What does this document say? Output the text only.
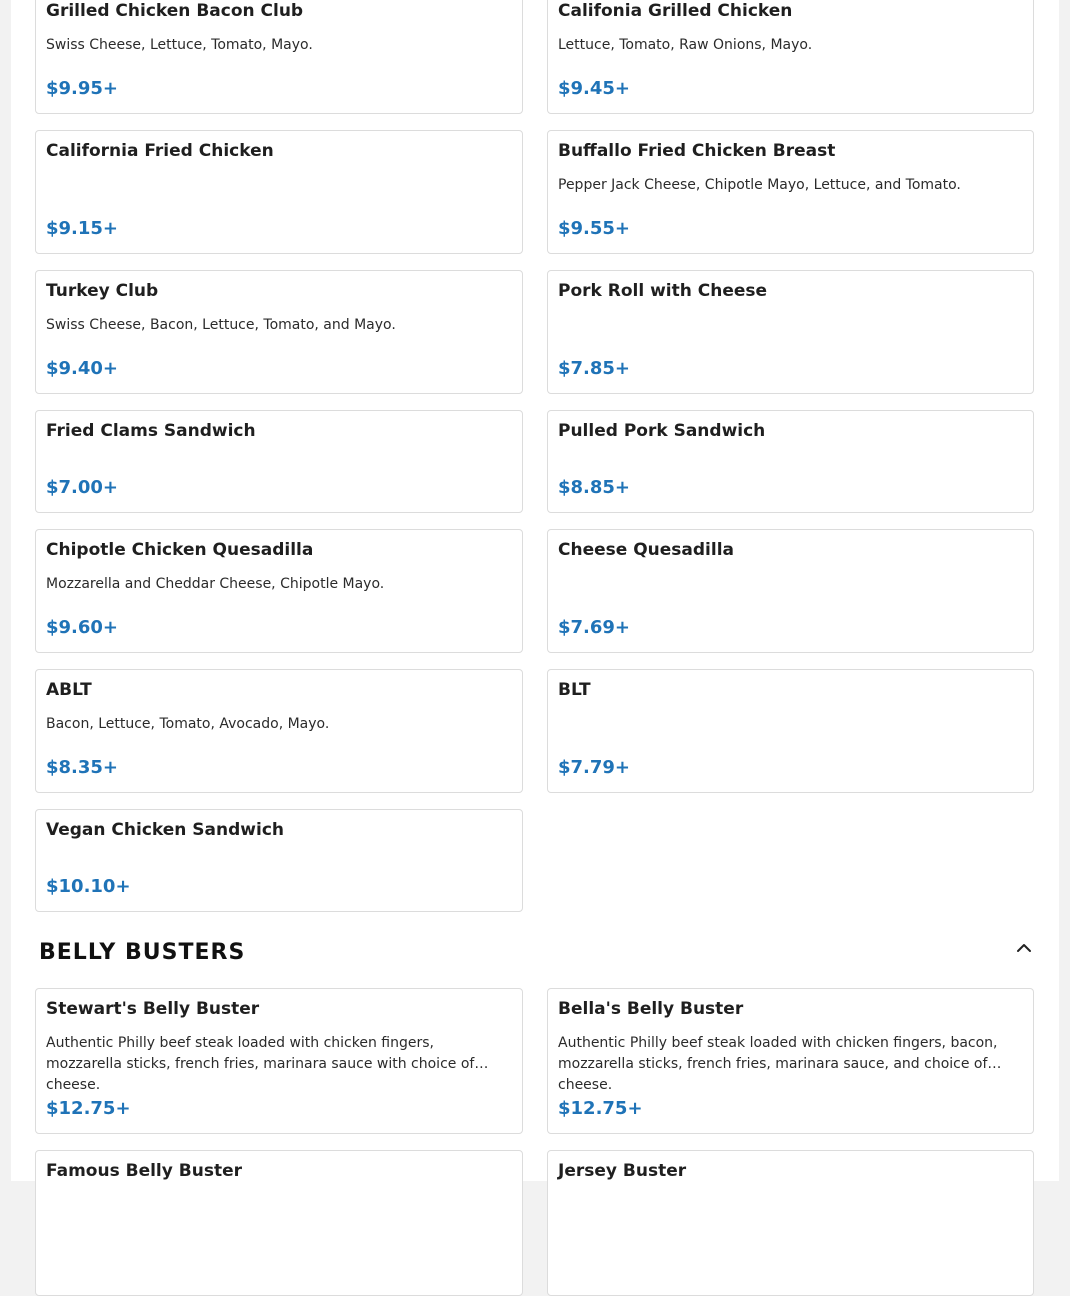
Grilled Chicken Bacon Club
Swiss Cheese, Lettuce, Tomato, Mayo.
$9.95+
Califonia Grilled Chicken
Lettuce, Tomato, Raw Onions, Mayo.
$9.45+
California Fried Chicken
$9.15+
Buffallo Fried Chicken Breast
Pepper Jack Cheese, Chipotle Mayo, Lettuce, and Tomato.
$9.55+
Turkey Club
Swiss Cheese, Bacon, Lettuce, Tomato, and Mayo.
$9.40+
Pork Roll with Cheese
$7.85+
Fried Clams Sandwich
$7.00+
Pulled Pork Sandwich
$8.85+
Chipotle Chicken Quesadilla
Mozzarella and Cheddar Cheese, Chipotle Mayo.
$9.60+
Cheese Quesadilla
$7.69+
ABLT
Bacon, Lettuce, Tomato, Avocado, Mayo.
$8.35+
BLT
$7.79+
Vegan Chicken Sandwich
$10.10+
BELLY BUSTERS
Stewart's Belly Buster
Authentic Philly beef steak loaded with chicken fingers, mozzarella sticks, french fries, marinara sauce with choice of cheese.
$12.75+
Bella's Belly Buster
Authentic Philly beef steak loaded with chicken fingers, bacon, mozzarella sticks, french fries, marinara sauce, and choice of cheese.
$12.75+
Famous Belly Buster	Jersey Buster
